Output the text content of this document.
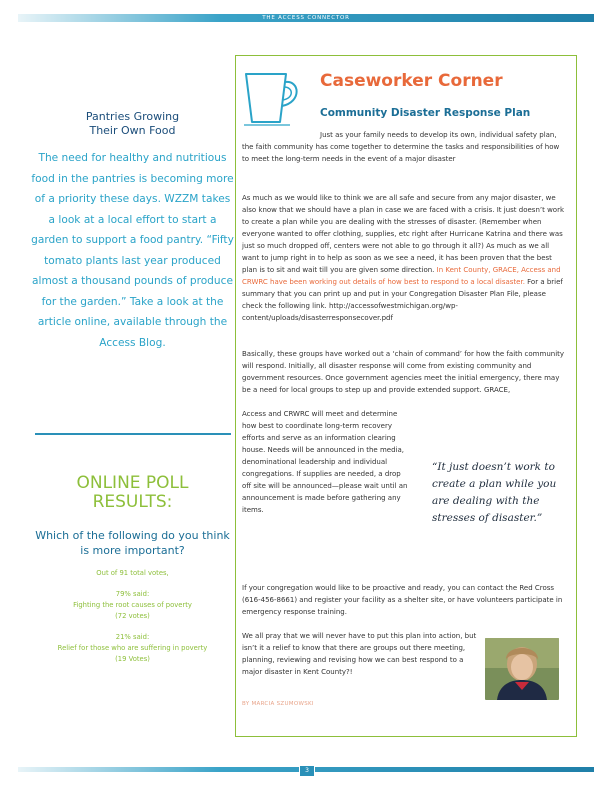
THE ACCESS CONNECTOR

Pantries Growing
Their Own Food

The need for healthy and nutritious food in the pantries is becoming more of a priority these days. WZZM takes a look at a local effort to start a garden to support a food pantry. “Fifty tomato plants last year produced almost a thousand pounds of produce for the garden.” Take a look at the article online, available through the Access Blog.

ONLINE POLL
RESULTS:

Which of the following do you think is more important?

Out of 91 total votes,
79% said:
Fighting the root causes of poverty
(72 votes)
21% said:
Relief for those who are suffering in poverty (19 Votes)
Caseworker Corner
Community Disaster Response Plan

Just as your family needs to develop its own, individual safety plan, the faith community has come together to determine the tasks and responsibilities of how to meet the long-term needs in the event of a major disaster

As much as we would like to think we are all safe and secure from any major disaster, we also know that we should have a plan in case we are faced with a crisis. It just doesn’t work to create a plan while you are dealing with the stresses of disaster. (Remember when everyone wanted to offer clothing, supplies, etc right after Hurricane Katrina and there was just so much dropped off, centers were not able to go through it all?) As much as we all want to jump right in to help as soon as we see a need, it has been proven that the best plan is to sit and wait till you are given some direction. In Kent County, GRACE, Access and CRWRC have been working out details of how best to respond to a local disaster. For a brief summary that you can print up and put in your Congregation Disaster Plan File, please check the following link. http://accessofwestmichigan.org/wp-content/uploads/disasterresponsecover.pdf

Basically, these groups have worked out a ‘chain of command’ for how the faith community will respond. Initially, all disaster response will come from existing community and government resources. Once government agencies meet the initial emergency, there may be a need for local groups to step up and provide extended support. GRACE,

Access and CRWRC will meet and determine how best to coordinate long-term recovery efforts and serve as an information clearing house. Needs will be announced in the media, denominational leadership and individual congregations. If supplies are needed, a drop off site will be announced—please wait until an announcement is made before gathering any items.

“It just doesn’t work to create a plan while you are dealing with the stresses of disaster.”

If your congregation would like to be proactive and ready, you can contact the Red Cross (616-456-8661) and register your facility as a shelter site, or have volunteers participate in emergency response training.

We all pray that we will never have to put this plan into action, but isn’t it a relief to know that there are groups out there meeting, planning, reviewing and revising how we can best respond to a major disaster in Kent County?!

BY MARCIA SZUMOWSKI

3
